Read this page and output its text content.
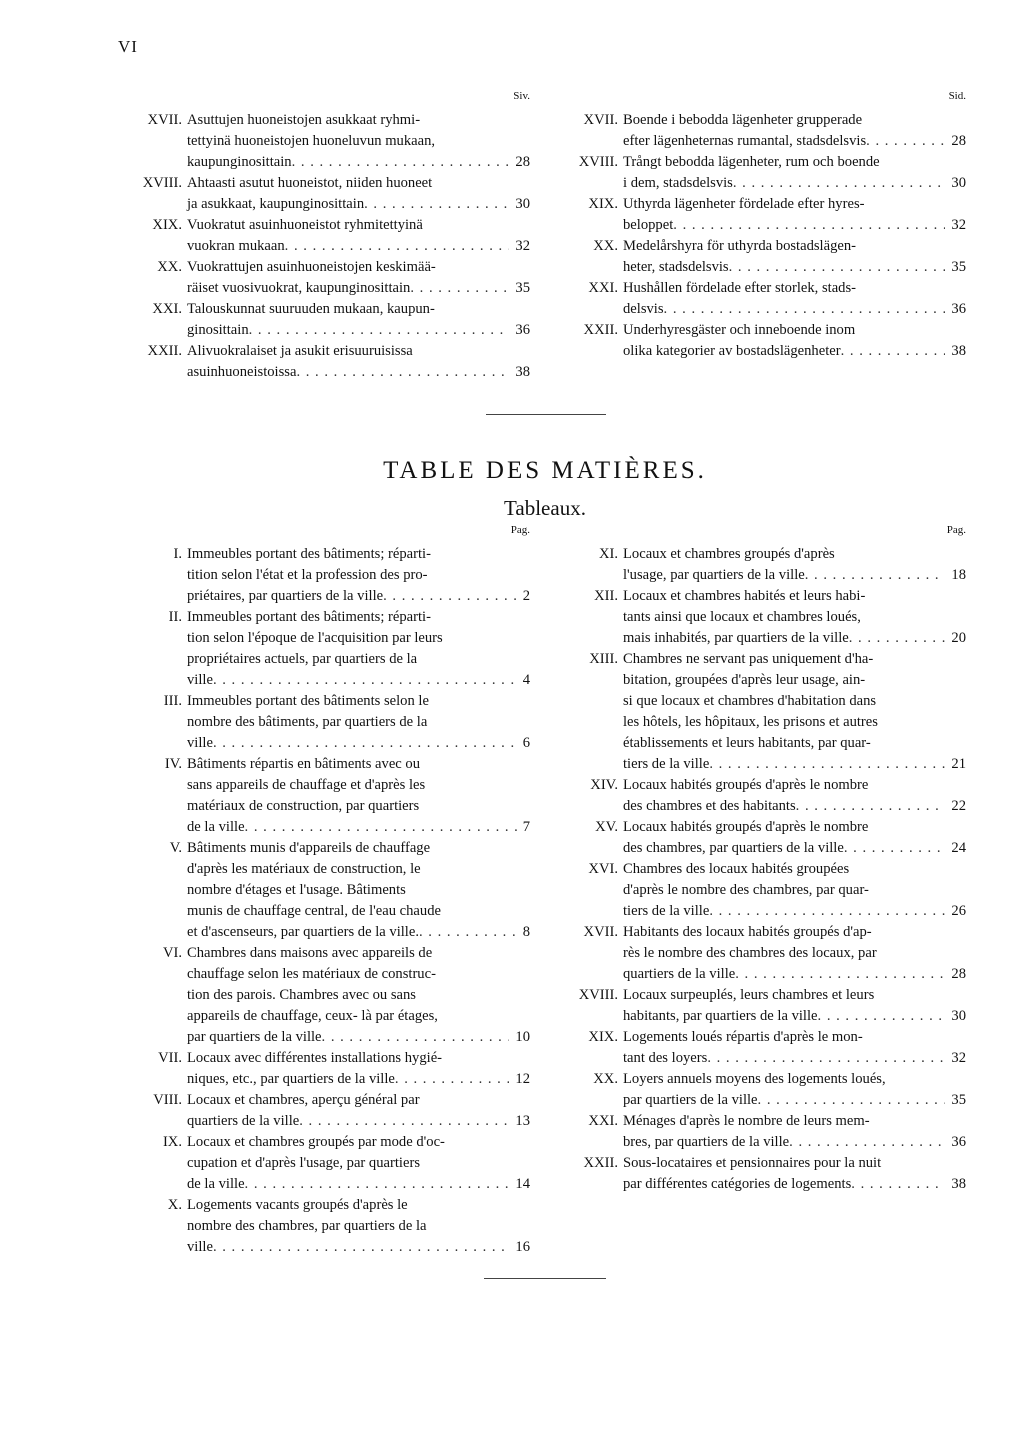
VI
Siv.
XVII. Asuttujen huoneistojen asukkaat ryhmi-

tettyinä huoneistojen huoneluvun mukaan,

kaupunginosittain . . .	28
XVIII. Ahtaasti asutut huoneistot, niiden huoneet

ja asukkaat, kaupunginosittain . . .	30
XIX. Vuokratut asuinhuoneistot ryhmitettyinä

vuokran mukaan . . .	32
XX. Vuokrattujen asuinhuoneistojen keskimää-

räiset vuosivuokrat, kaupunginosittain . . .	35
XXI. Talouskunnat suuruuden mukaan, kaupun-

ginosittain . . .	36
XXII. Alivuokralaiset ja asukit erisuuruisissa

asuinhuoneistoissa . . .	38
Sid.
XVII. Boende i bebodda lägenheter grupperade

efter lägenheternas rumantal, stadsdelsvis . . .	28
XVIII. Trångt bebodda lägenheter, rum och boende

i dem, stadsdelsvis . . .	30
XIX. Uthyrda lägenheter fördelade efter hyres-

beloppet . . .	32
XX. Medelårshyra för uthyrda bostadslägen-

heter, stadsdelsvis . . .	35
XXI. Hushållen fördelade efter storlek, stads-

delsvis . . .	36
XXII. Underhyresgäster och inneboende inom

olika kategorier av bostadslägenheter . . .	38
TABLE DES MATIÈRES.
Tableaux.
Pag.
I. Immeubles portant des bâtiments; réparti-

tition selon l'état et la profession des pro-

priétaires, par quartiers de la ville . . .	2
II. Immeubles portant des bâtiments; réparti-

tion selon l'époque de l'acquisition par leurs

propriétaires actuels, par quartiers de la

ville . . .	4
III. Immeubles portant des bâtiments selon le

nombre des bâtiments, par quartiers de la

ville . . .	6
IV. Bâtiments répartis en bâtiments avec ou

sans appareils de chauffage et d'après les

matériaux de construction, par quartiers

de la ville . . .	7
V. Bâtiments munis d'appareils de chauffage

d'après les matériaux de construction, le

nombre d'étages et l'usage. Bâtiments

munis de chauffage central, de l'eau chaude

et d'ascenseurs, par quartiers de la ville. . . .	8
VI. Chambres dans maisons avec appareils de

chauffage selon les matériaux de construc-

tion des parois. Chambres avec ou sans

appareils de chauffage, ceux- là par étages,

par quartiers de la ville . . .	10
VII. Locaux avec différentes installations hygié-

niques, etc., par quartiers de la ville . . .	12
VIII. Locaux et chambres, aperçu général par

quartiers de la ville . . .	13
IX. Locaux et chambres groupés par mode d'oc-

cupation et d'après l'usage, par quartiers

de la ville . . .	14
X. Logements vacants groupés d'après le

nombre des chambres, par quartiers de la

ville . . .	16
Pag.
XI. Locaux et chambres groupés d'après

l'usage, par quartiers de la ville . . .	18
XII. Locaux et chambres habités et leurs habi-

tants ainsi que locaux et chambres loués,

mais inhabités, par quartiers de la ville . . .	20
XIII. Chambres ne servant pas uniquement d'ha-

bitation, groupées d'après leur usage, ain-

si que locaux et chambres d'habitation dans

les hôtels, les hôpitaux, les prisons et autres

établissements et leurs habitants, par quar-

tiers de la ville . . .	21
XIV. Locaux habités groupés d'après le nombre

des chambres et des habitants . . .	22
XV. Locaux habités groupés d'après le nombre

des chambres, par quartiers de la ville . . .	24
XVI. Chambres des locaux habités groupées

d'après le nombre des chambres, par quar-

tiers de la ville . . .	26
XVII. Habitants des locaux habités groupés d'ap-

rès le nombre des chambres des locaux, par

quartiers de la ville . . .	28
XVIII. Locaux surpeuplés, leurs chambres et leurs

habitants, par quartiers de la ville . . .	30
XIX. Logements loués répartis d'après le mon-

tant des loyers . . .	32
XX. Loyers annuels moyens des logements loués,

par quartiers de la ville . . .	35
XXI. Ménages d'après le nombre de leurs mem-

bres, par quartiers de la ville . . .	36
XXII. Sous-locataires et pensionnaires pour la nuit

par différentes catégories de logements . . .	38
